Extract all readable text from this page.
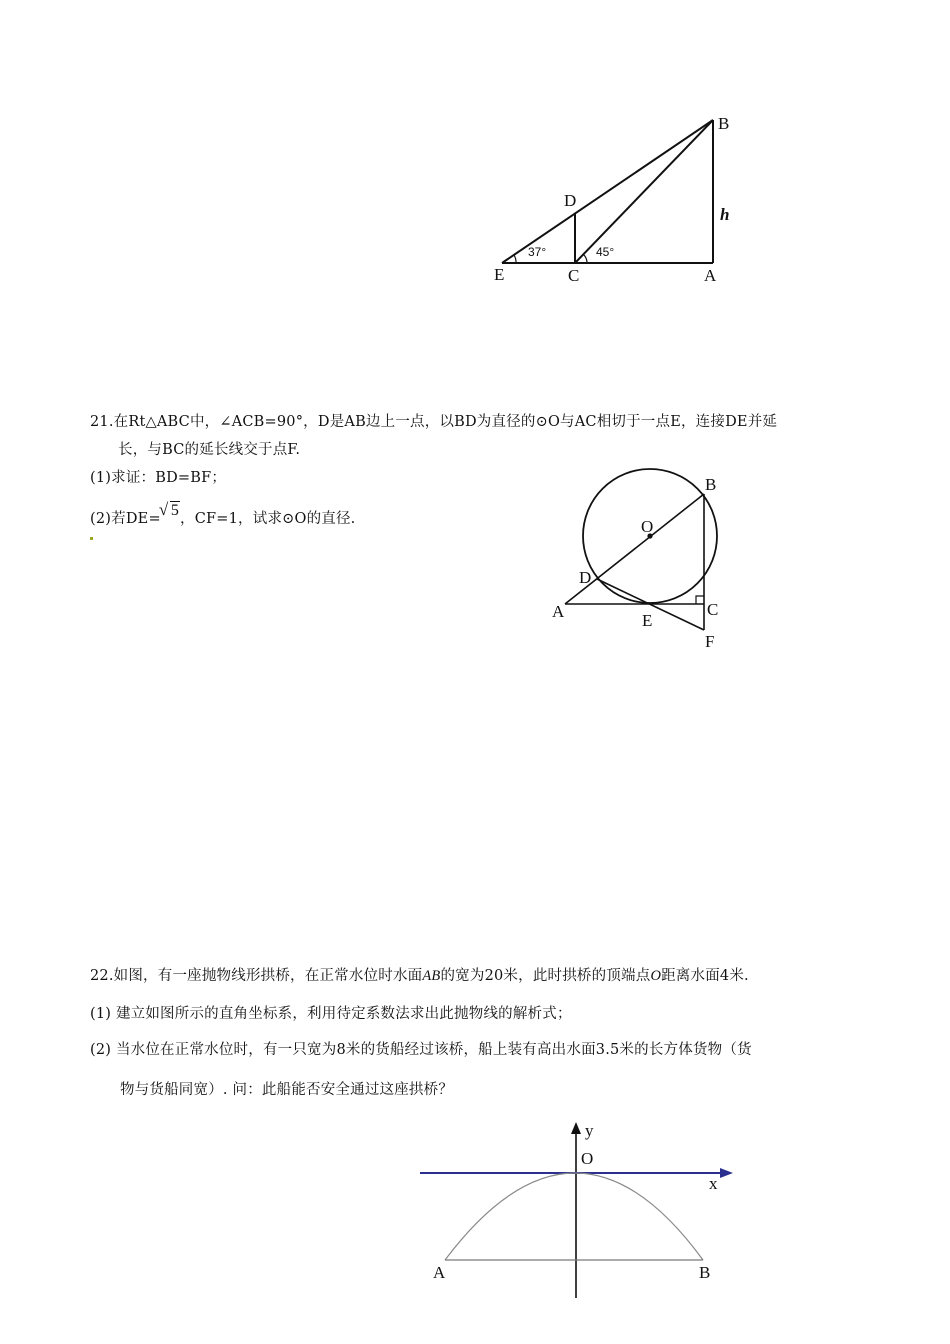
37°	45°
B
D
h
E	C	A
21.在Rt△ABC中，∠ACB=90°，D是AB边上一点，以BD为直径的⊙O与AC相切于一点E，连接DE并延
长，与BC的延长线交于点F.
(1)求证：BD=BF；
(2)若DE=√ 5，CF=1，试求⊙O的直径.	O
B
D
A	C
E
F
22.如图，有一座抛物线形拱桥，在正常水位时水面AB的宽为20米，此时拱桥的顶端点O距离水面4米.
(1) 建立如图所示的直角坐标系，利用待定系数法求出此抛物线的解析式；
(2) 当水位在正常水位时，有一只宽为8米的货船经过该桥，船上装有高出水面3.5米的长方体货物（货
物与货船同宽）. 问：此船能否安全通过这座拱桥？
y
O
x
A	B
